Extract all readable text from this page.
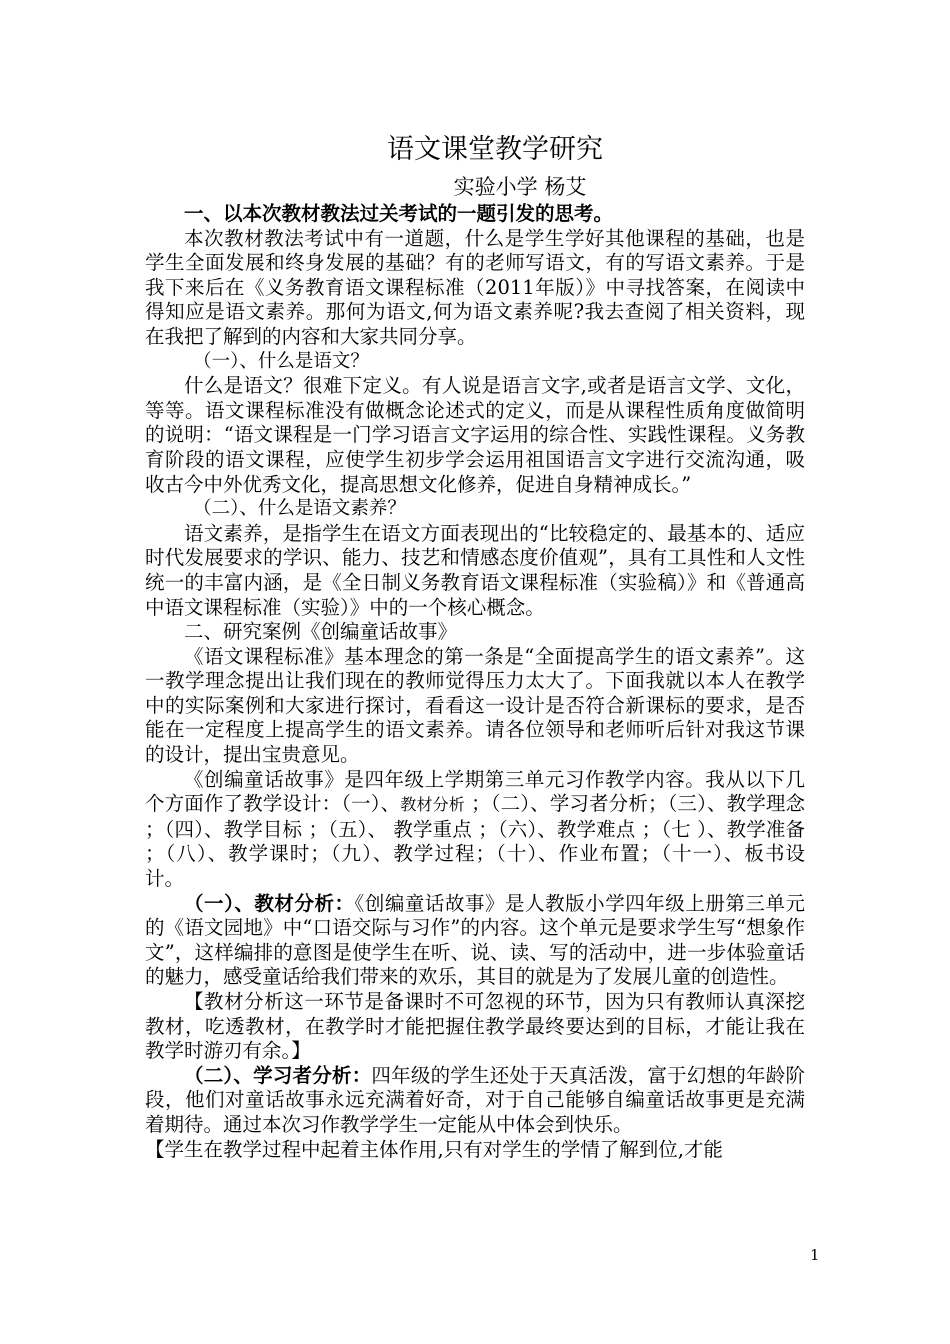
语文课堂教学研究
实验小学 杨艾

一、以本次教材教法过关考试的一题引发的思考。

本次教材教法考试中有一道题，什么是学生学好其他课程的基础，也是学生全面发展和终身发展的基础？有的老师写语文，有的写语文素养。于是我下来后在《义务教育语文课程标准（2011年版）》中寻找答案，在阅读中得知应是语文素养。那何为语文,何为语文素养呢?我去查阅了相关资料，现在我把了解到的内容和大家共同分享。

（一）、什么是语文？

什么是语文？很难下定义。有人说是语言文字,或者是语言文学、文化，等等。语文课程标准没有做概念论述式的定义，而是从课程性质角度做简明的说明：“语文课程是一门学习语言文字运用的综合性、实践性课程。义务教育阶段的语文课程，应使学生初步学会运用祖国语言文字进行交流沟通，吸收古今中外优秀文化，提高思想文化修养，促进自身精神成长。”

（二）、什么是语文素养？

语文素养，是指学生在语文方面表现出的“比较稳定的、最基本的、适应时代发展要求的学识、能力、技艺和情感态度价值观”，具有工具性和人文性统一的丰富内涵，是《全日制义务教育语文课程标准（实验稿）》和《普通高中语文课程标准（实验）》中的一个核心概念。

二、研究案例《创编童话故事》

《语文课程标准》基本理念的第一条是“全面提高学生的语文素养”。这一教学理念提出让我们现在的教师觉得压力太大了。下面我就以本人在教学中的实际案例和大家进行探讨，看看这一设计是否符合新课标的要求，是否能在一定程度上提高学生的语文素养。请各位领导和老师听后针对我这节课的设计，提出宝贵意见。

《创编童话故事》是四年级上学期第三单元习作教学内容。我从以下几个方面作了教学设计：（一）、教材分析 ；（二）、学习者分析；（三）、教学理念 ；（四）、教学目标 ；（五）、 教学重点 ；（六）、教学难点 ；（七 ）、教学准备 ；（八）、教学课时；（九）、教学过程；（十）、作业布置；（十一）、板书设计。

（一）、教材分析：《创编童话故事》是人教版小学四年级上册第三单元的《语文园地》中“口语交际与习作”的内容。这个单元是要求学生写“想象作文”，这样编排的意图是使学生在听、说、读、写的活动中，进一步体验童话的魅力，感受童话给我们带来的欢乐，其目的就是为了发展儿童的创造性。

【教材分析这一环节是备课时不可忽视的环节，因为只有教师认真深挖教材，吃透教材，在教学时才能把握住教学最终要达到的目标，才能让我在教学时游刃有余。】

（二）、学习者分析：四年级的学生还处于天真活泼，富于幻想的年龄阶段，他们对童话故事永远充满着好奇，对于自己能够自编童话故事更是充满着期待。通过本次习作教学学生一定能从中体会到快乐。

【学生在教学过程中起着主体作用,只有对学生的学情了解到位,才能

1
